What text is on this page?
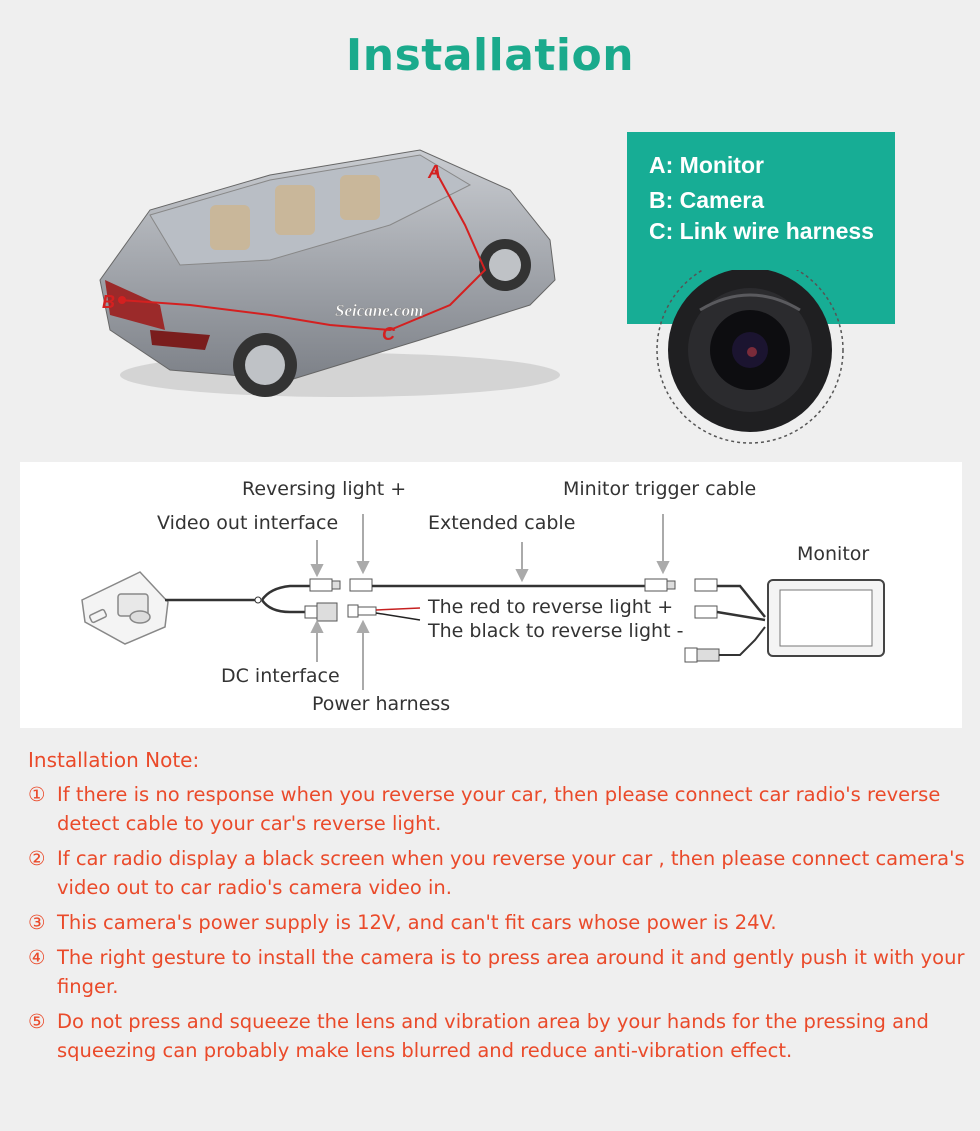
Installation
A
B
C
Seicane.com
A: Monitor
B: Camera
C: Link wire harness
Reversing light +	Minitor trigger cable
Video out interface	Extended cable
Monitor
The red to reverse light +
The black to reverse light -
DC interface
Power harness
Installation Note:
① If there is no response when you reverse your car, then please connect car radio's reverse detect cable to your car's reverse light.
② If car radio display a black screen when you reverse your car , then please connect camera's video out to car radio's camera video in.
③ This camera's power supply is 12V, and can't fit cars whose power is 24V.
④ The right gesture to install the camera is to press area around it and gently push it with your finger.
⑤ Do not press and squeeze the lens and vibration area by your hands for the pressing and squeezing can probably make lens blurred and reduce anti-vibration effect.
